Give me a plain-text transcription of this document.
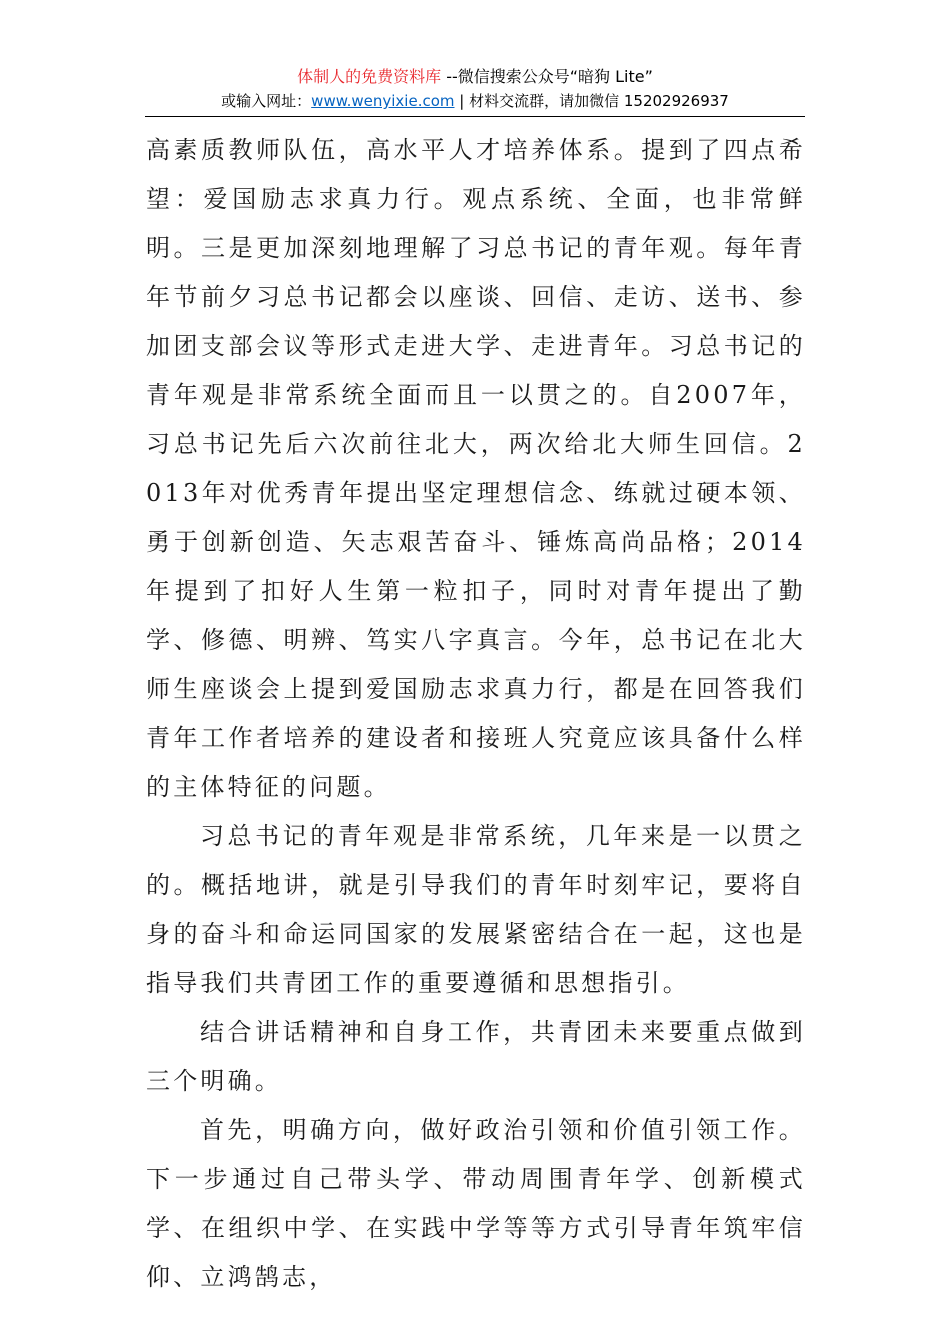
体制人的免费资料库 --微信搜索公众号“暗狗 Lite”
或输入网址：www.wenyixie.com | 材料交流群，请加微信 15202926937

高素质教师队伍，高水平人才培养体系。提到了四点希望：爱国励志求真力行。观点系统、全面，也非常鲜明。三是更加深刻地理解了习总书记的青年观。每年青年节前夕习总书记都会以座谈、回信、走访、送书、参加团支部会议等形式走进大学、走进青年。习总书记的青年观是非常系统全面而且一以贯之的。自2007年，习总书记先后六次前往北大，两次给北大师生回信。2013年对优秀青年提出坚定理想信念、练就过硬本领、勇于创新创造、矢志艰苦奋斗、锤炼高尚品格；2014年提到了扣好人生第一粒扣子，同时对青年提出了勤学、修德、明辨、笃实八字真言。今年，总书记在北大师生座谈会上提到爱国励志求真力行，都是在回答我们青年工作者培养的建设者和接班人究竟应该具备什么样的主体特征的问题。

习总书记的青年观是非常系统，几年来是一以贯之的。概括地讲，就是引导我们的青年时刻牢记，要将自身的奋斗和命运同国家的发展紧密结合在一起，这也是指导我们共青团工作的重要遵循和思想指引。

结合讲话精神和自身工作，共青团未来要重点做到三个明确。

首先，明确方向，做好政治引领和价值引领工作。下一步通过自己带头学、带动周围青年学、创新模式学、在组织中学、在实践中学等等方式引导青年筑牢信仰、立鸿鹄志，
